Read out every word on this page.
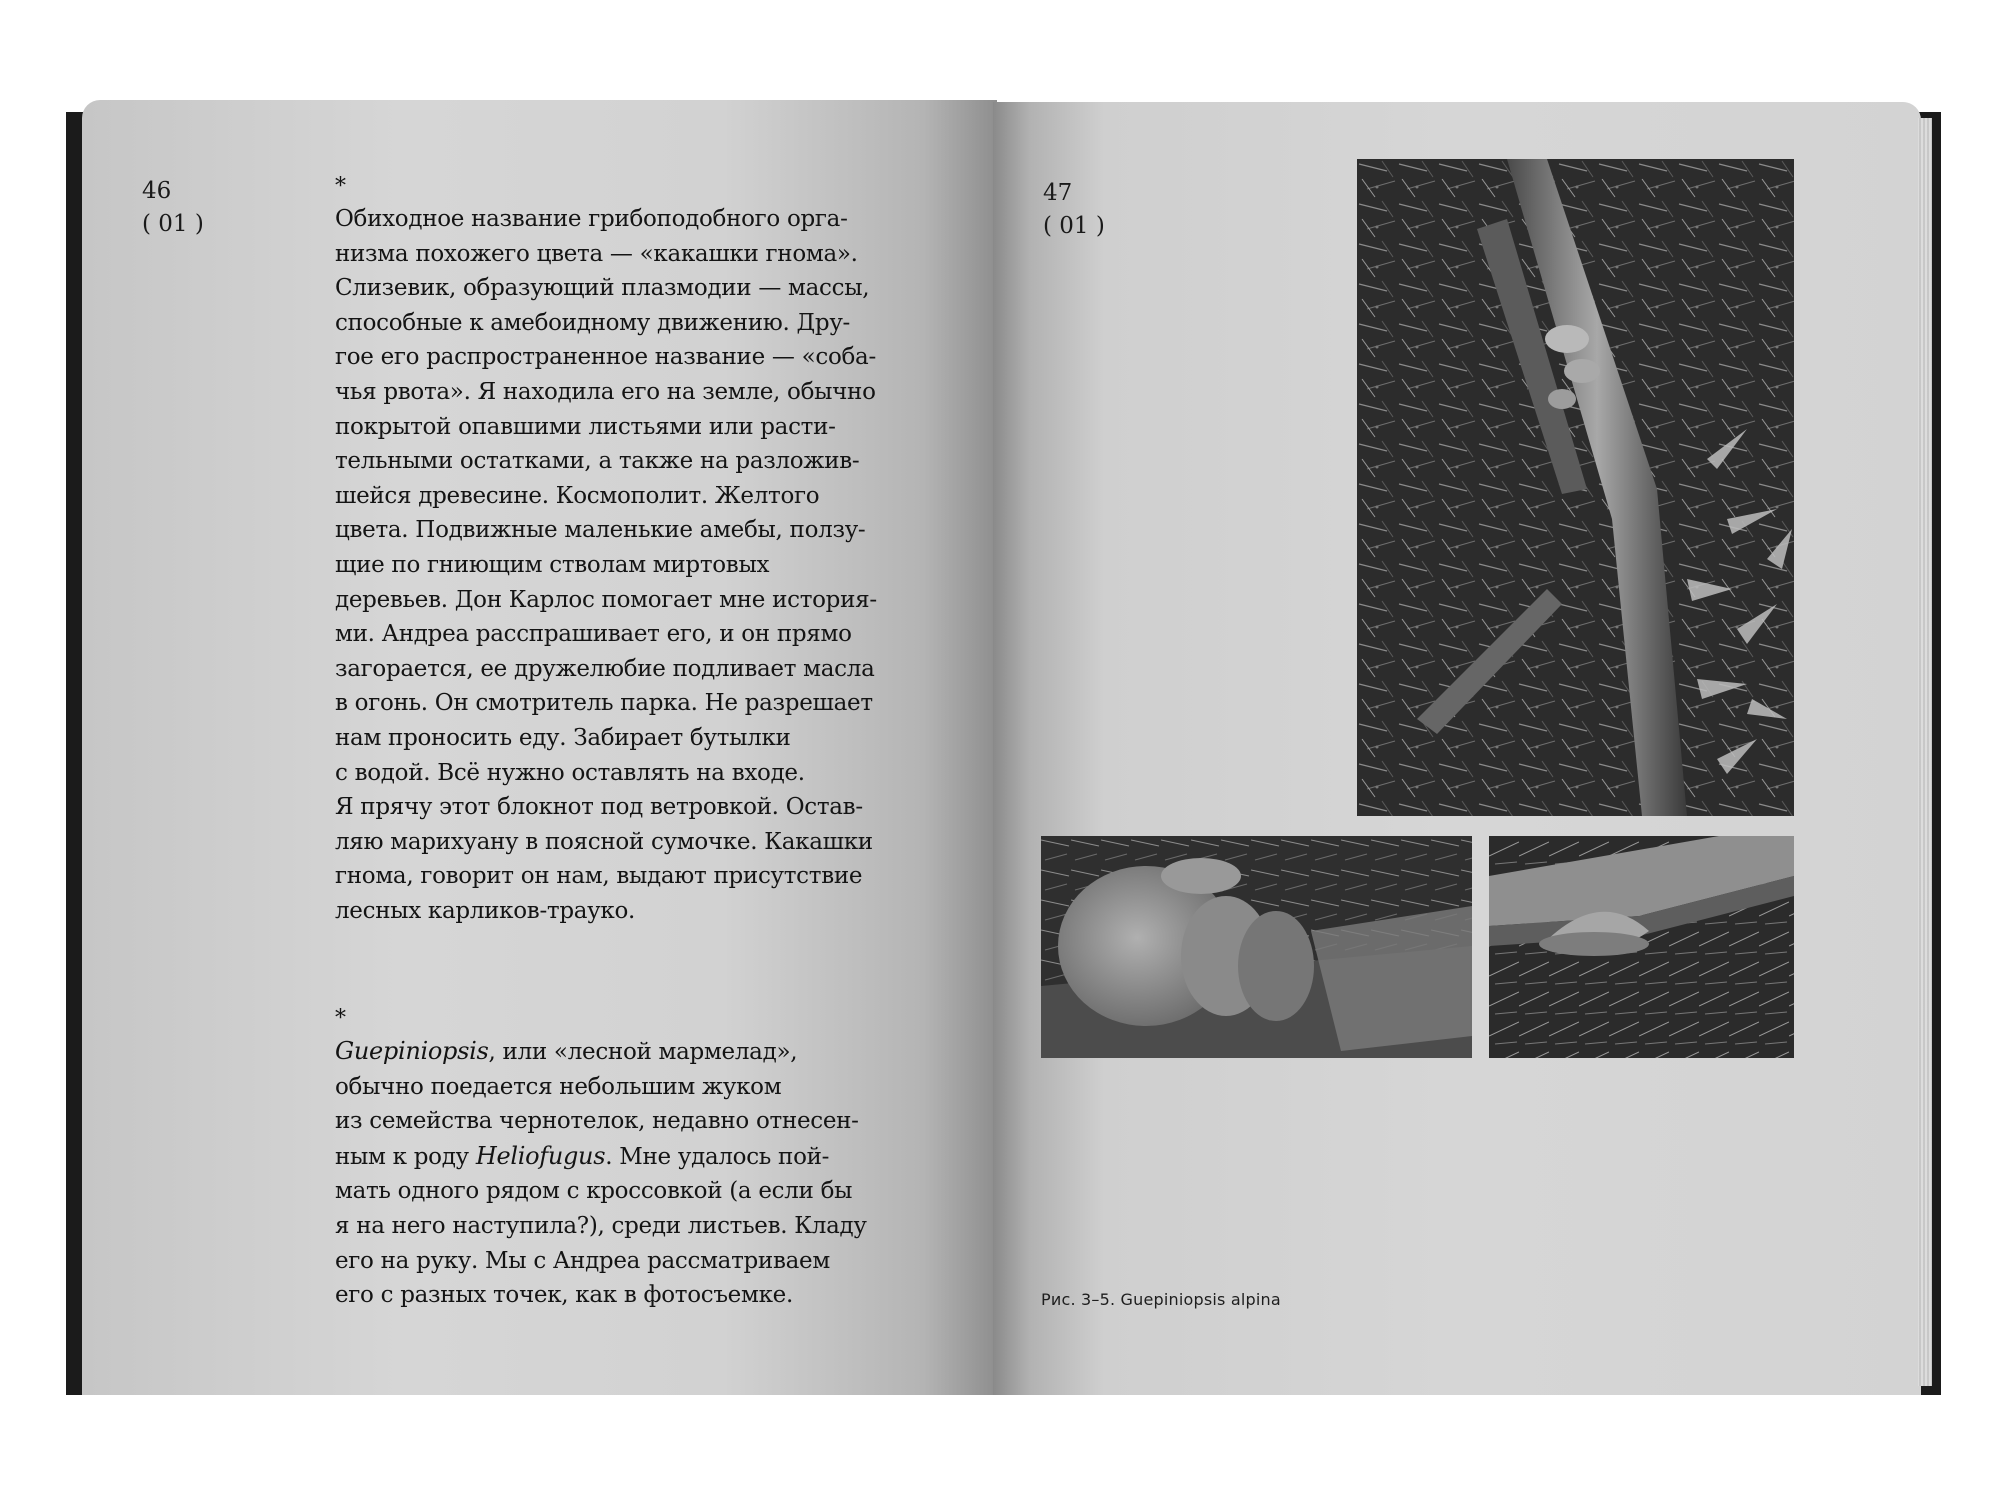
46
( 01 )
*
Обиходное название грибоподобного орга-
низма похожего цвета — «какашки гнома».
Слизевик, образующий плазмодии — массы,
способные к амебоидному движению. Дру-
гое его распространенное название — «соба-
чья рвота». Я находила его на земле, обычно
покрытой опавшими листьями или расти-
тельными остатками, а также на разложив-
шейся древесине. Космополит. Желтого
цвета. Подвижные маленькие амебы, ползу-
щие по гниющим стволам миртовых
деревьев. Дон Карлос помогает мне история-
ми. Андреа расспрашивает его, и он прямо
загорается, ее дружелюбие подливает масла
в огонь. Он смотритель парка. Не разрешает
нам проносить еду. Забирает бутылки
с водой. Всё нужно оставлять на входе.
Я прячу этот блокнот под ветровкой. Остав-
ляю марихуану в поясной сумочке. Какашки
гнома, говорит он нам, выдают присутствие
лесных карликов-трауко.
*
Guepiniopsis, или «лесной мармелад»,
обычно поедается небольшим жуком
из семейства чернотелок, недавно отнесен-
ным к роду Heliofugus. Мне удалось пой-
мать одного рядом с кроссовкой (а если бы
я на него наступила?), среди листьев. Кладу
его на руку. Мы с Андреа рассматриваем
его с разных точек, как в фотосъемке.
47
( 01 )
Рис. 3–5. Guepiniopsis alpina
